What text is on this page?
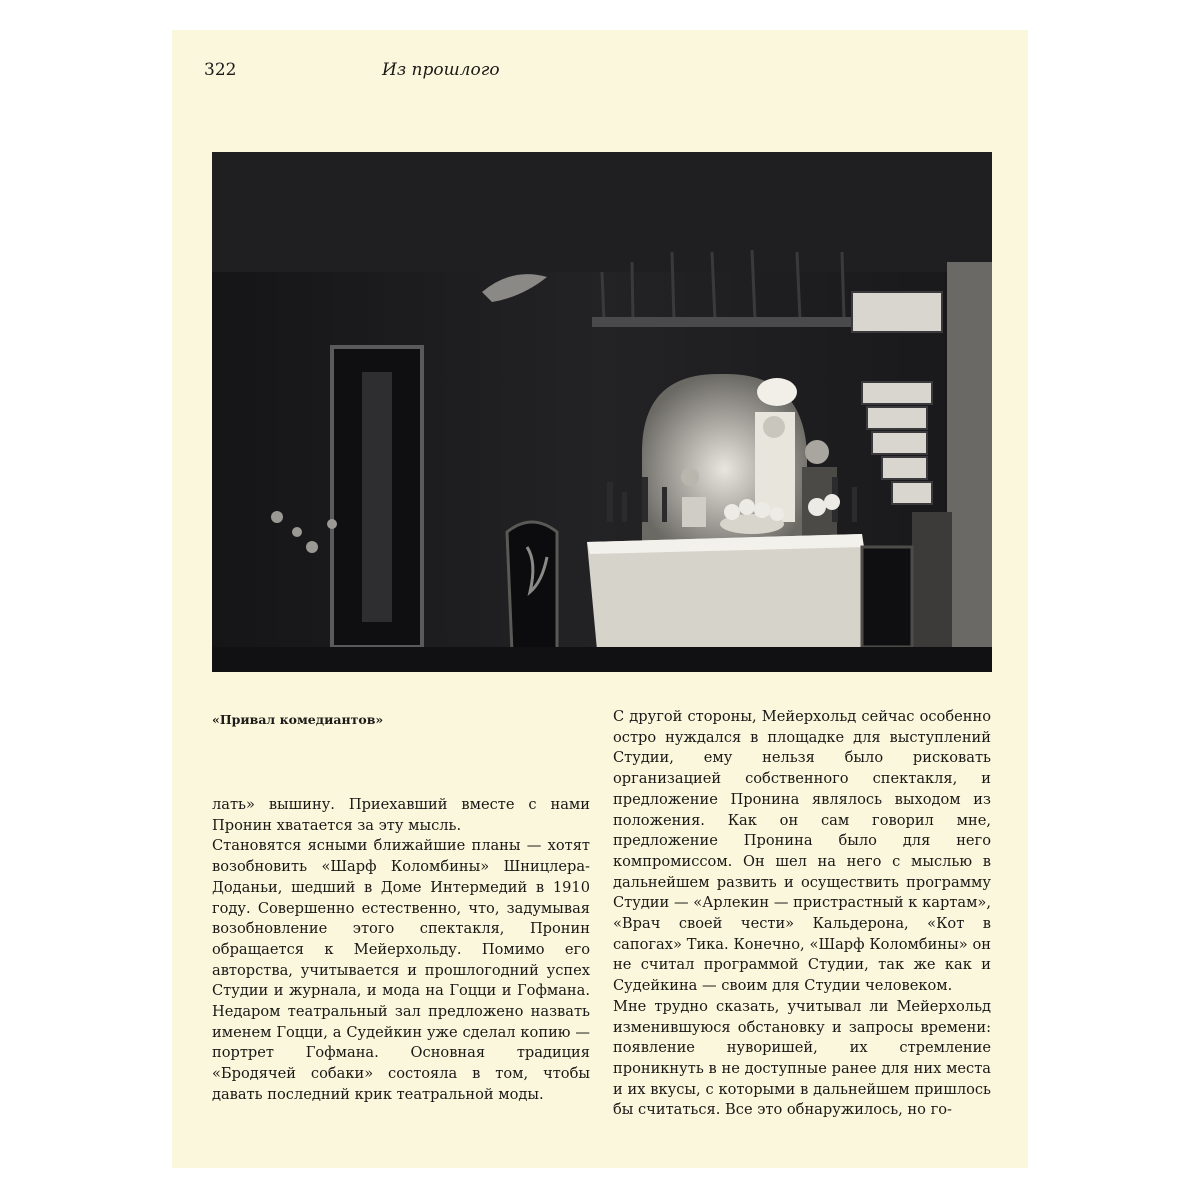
322	Из прошлого
«Привал комедиантов»

лать» вышину. Приехавший вместе с нами Пронин хватается за эту мысль.

Становятся ясными ближайшие планы — хотят возобновить «Шарф Коломбины» Шницлера-Доданьи, шедший в Доме Интермедий в 1910 году. Совершенно естественно, что, задумывая возобновление этого спектакля, Пронин обращается к Мейерхольду. Помимо его авторства, учитывается и прошлогодний успех Студии и журнала, и мода на Гоцци и Гофмана. Недаром театральный зал предложено назвать именем Гоцци, а Судейкин уже сделал копию — портрет Гофмана. Основная традиция «Бродячей собаки» состояла в том, чтобы давать последний крик театральной моды.

С другой стороны, Мейерхольд сейчас особенно остро нуждался в площадке для выступлений Студии, ему нельзя было рисковать организацией собственного спектакля, и предложение Пронина являлось выходом из положения. Как он сам говорил мне, предложение Пронина было для него компромиссом. Он шел на него с мыслью в дальнейшем развить и осуществить программу Студии — «Арлекин — пристрастный к картам», «Врач своей чести» Кальдерона, «Кот в сапогах» Тика. Конечно, «Шарф Коломбины» он не считал программой Студии, так же как и Судейкина — своим для Студии человеком.

Мне трудно сказать, учитывал ли Мейерхольд изменившуюся обстановку и запросы времени: появление нуворишей, их стремление проникнуть в не доступные ранее для них места и их вкусы, с которыми в дальнейшем пришлось бы считаться. Все это обнаружилось, но го-
